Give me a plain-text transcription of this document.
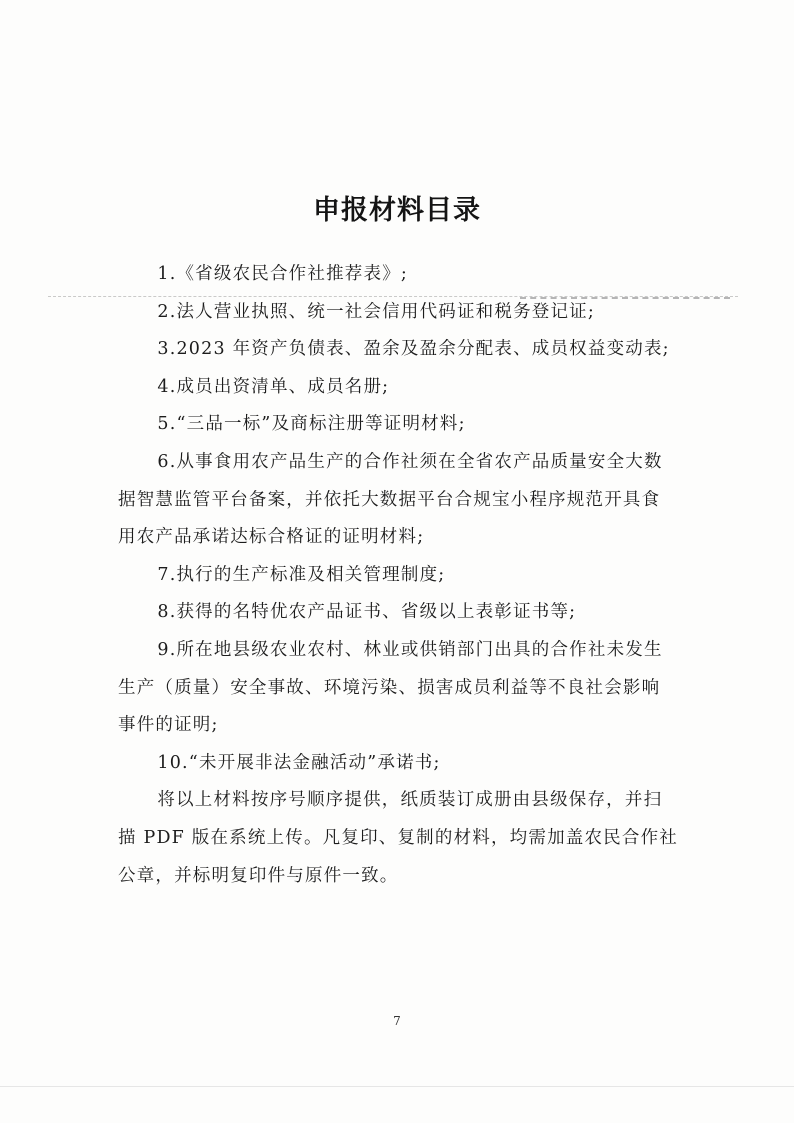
申报材料目录

1.《省级农民合作社推荐表》;

2.法人营业执照、统一社会信用代码证和税务登记证;

3.2023 年资产负债表、盈余及盈余分配表、成员权益变动表;

4.成员出资清单、成员名册;

5.“三品一标”及商标注册等证明材料;

6.从事食用农产品生产的合作社须在全省农产品质量安全大数据智慧监管平台备案，并依托大数据平台合规宝小程序规范开具食用农产品承诺达标合格证的证明材料;

7.执行的生产标准及相关管理制度;

8.获得的名特优农产品证书、省级以上表彰证书等;

9.所在地县级农业农村、林业或供销部门出具的合作社未发生生产（质量）安全事故、环境污染、损害成员利益等不良社会影响事件的证明;

10.“未开展非法金融活动”承诺书;

将以上材料按序号顺序提供，纸质装订成册由县级保存，并扫描 PDF 版在系统上传。凡复印、复制的材料，均需加盖农民合作社公章，并标明复印件与原件一致。

7
